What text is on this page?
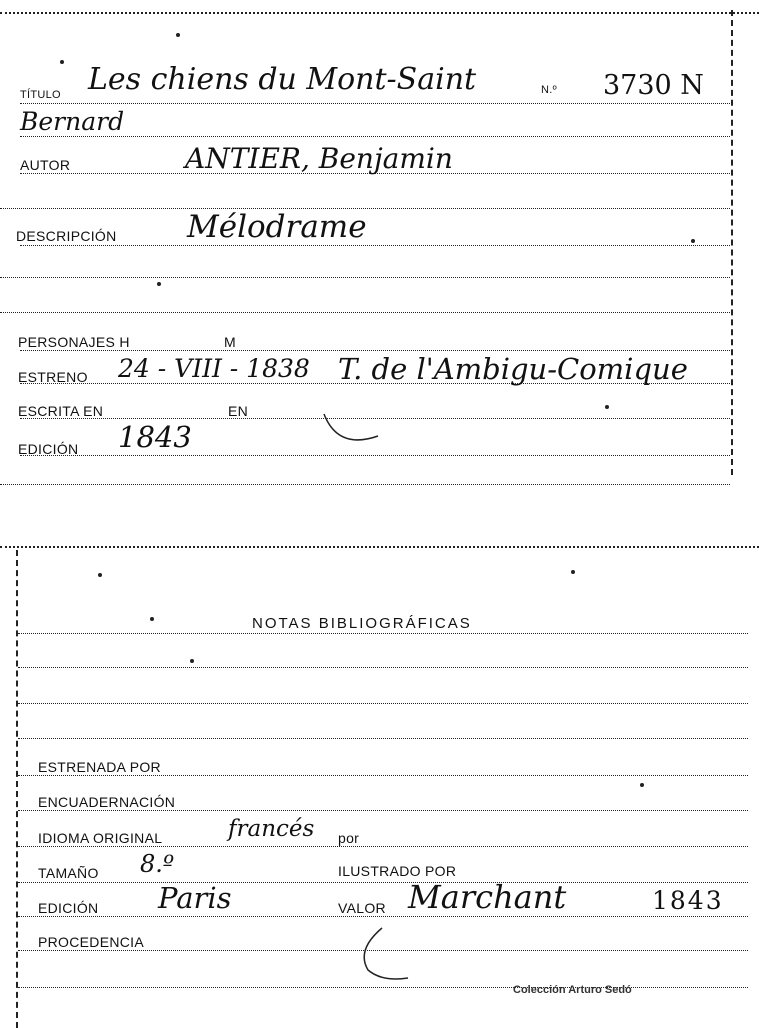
TÍTULO Les chiens du Mont-Saint	N.º 3730 N
Bernard
AUTOR	ANTIER, Benjamin
DESCRIPCIÓN Mélodrame
PERSONAJES H	M
ESTRENO 24 - VIII - 1838 T. de l'Ambigu-Comique
ESCRITA EN	EN
EDICIÓN 1843
NOTAS BIBLIOGRÁFICAS
ESTRENADA POR
ENCUADERNACIÓN
IDIOMA ORIGINAL	francés por
TAMAÑO 8.º	ILUSTRADO POR
EDICIÓN Paris	VALOR Marchant	1843
PROCEDENCIA
Colección Arturo Sedó
